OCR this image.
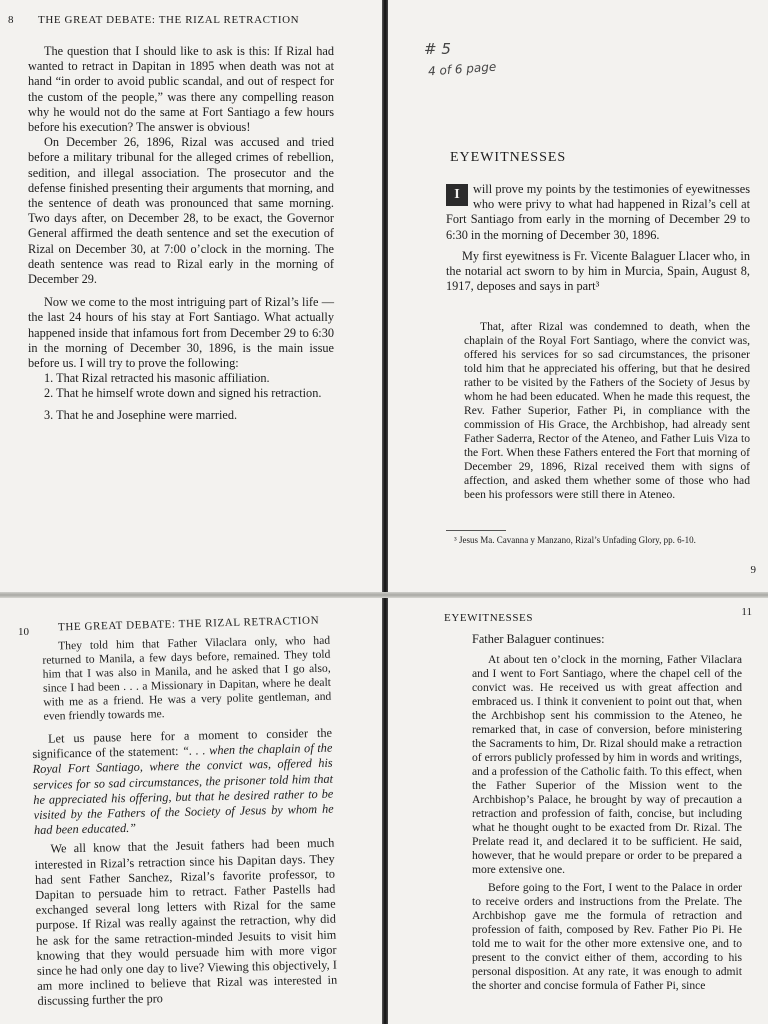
8 THE GREAT DEBATE: THE RIZAL RETRACTION

The question that I should like to ask is this: If Rizal had wanted to retract in Dapitan in 1895 when death was not at hand “in order to avoid public scandal, and out of respect for the custom of the people,” was there any compelling reason why he would not do the same at Fort Santiago a few hours before his execution? The answer is obvious!

On December 26, 1896, Rizal was accused and tried before a military tribunal for the alleged crimes of rebellion, sedition, and illegal association. The prosecutor and the defense finished presenting their arguments that morning, and the sentence of death was pronounced that same morning. Two days after, on December 28, to be exact, the Governor General affirmed the death sentence and set the execution of Rizal on December 30, at 7:00 o’clock in the morning. The death sentence was read to Rizal early in the morning of December 29.

Now we come to the most intriguing part of Rizal’s life — the last 24 hours of his stay at Fort Santiago. What actually happened inside that infamous fort from December 29 to 6:30 in the morning of December 30, 1896, is the main issue before us. I will try to prove the following:

1. That Rizal retracted his masonic affiliation.

2. That he himself wrote down and signed his retraction.

3. That he and Josephine were married.

# 5
4 of 6 page
EYEWITNESSES

I	will prove my points by the testimonies of eyewitnesses who were privy to what had happened in Rizal’s cell at Fort Santiago from early in the morning of December 29 to 6:30 in the morning of December 30, 1896.

My first eyewitness is Fr. Vicente Balaguer Llacer who, in the notarial act sworn to by him in Murcia, Spain, August 8, 1917, deposes and says in part³

That, after Rizal was condemned to death, when the chaplain of the Royal Fort Santiago, where the convict was, offered his services for so sad circumstances, the prisoner told him that he appreciated his offering, but that he desired rather to be visited by the Fathers of the Society of Jesus by whom he had been educated. When he made this request, the Rev. Father Superior, Father Pi, in compliance with the commission of His Grace, the Archbishop, had already sent Father Saderra, Rector of the Ateneo, and Father Luis Viza to the Fort. When these Fathers entered the Fort that morning of December 29, 1896, Rizal received them with signs of affection, and asked them whether some of those who had been his professors were still there in Ateneo.

³ Jesus Ma. Cavanna y Manzano, Rizal’s Unfading Glory, pp. 6-10.
9
10	THE GREAT DEBATE: THE RIZAL RETRACTION

They told him that Father Vilaclara only, who had returned to Manila, a few days before, remained. They told him that I was also in Manila, and he asked that I go also, since I had been . . . a Missionary in Dapitan, where he dealt with me as a friend. He was a very polite gentleman, and even friendly towards me.

Let us pause here for a moment to consider the significance of the statement: “. . . when the chaplain of the Royal Fort Santiago, where the convict was, offered his services for so sad circumstances, the prisoner told him that he appreciated his offering, but that he desired rather to be visited by the Fathers of the Society of Jesus by whom he had been educated.”

We all know that the Jesuit fathers had been much interested in Rizal’s retraction since his Dapitan days. They had sent Father Sanchez, Rizal’s favorite professor, to Dapitan to persuade him to retract. Father Pastells had exchanged several long letters with Rizal for the same purpose. If Rizal was really against the retraction, why did he ask for the same retraction-minded Jesuits to visit him knowing that they would persuade him with more vigor since he had only one day to live? Viewing this objectively, I am more inclined to believe that Rizal was interested in discussing further the pro

EYEWITNESSES	11

Father Balaguer continues:

At about ten o’clock in the morning, Father Vilaclara and I went to Fort Santiago, where the chapel cell of the convict was. He received us with great affection and embraced us. I think it convenient to point out that, when the Archbishop sent his commission to the Ateneo, he remarked that, in case of conversion, before ministering the Sacraments to him, Dr. Rizal should make a retraction of errors publicly professed by him in words and writings, and a profession of the Catholic faith. To this effect, when the Father Superior of the Mission went to the Archbishop’s Palace, he brought by way of precaution a retraction and profession of faith, concise, but including what he thought ought to be exacted from Dr. Rizal. The Prelate read it, and declared it to be sufficient. He said, however, that he would prepare or order to be prepared a more extensive one.

Before going to the Fort, I went to the Palace in order to receive orders and instructions from the Prelate. The Archbishop gave me the formula of retraction and profession of faith, composed by Rev. Father Pio Pi. He told me to wait for the other more extensive one, and to present to the convict either of them, according to his personal disposition. At any rate, it was enough to admit the shorter and concise formula of Father Pi, since
